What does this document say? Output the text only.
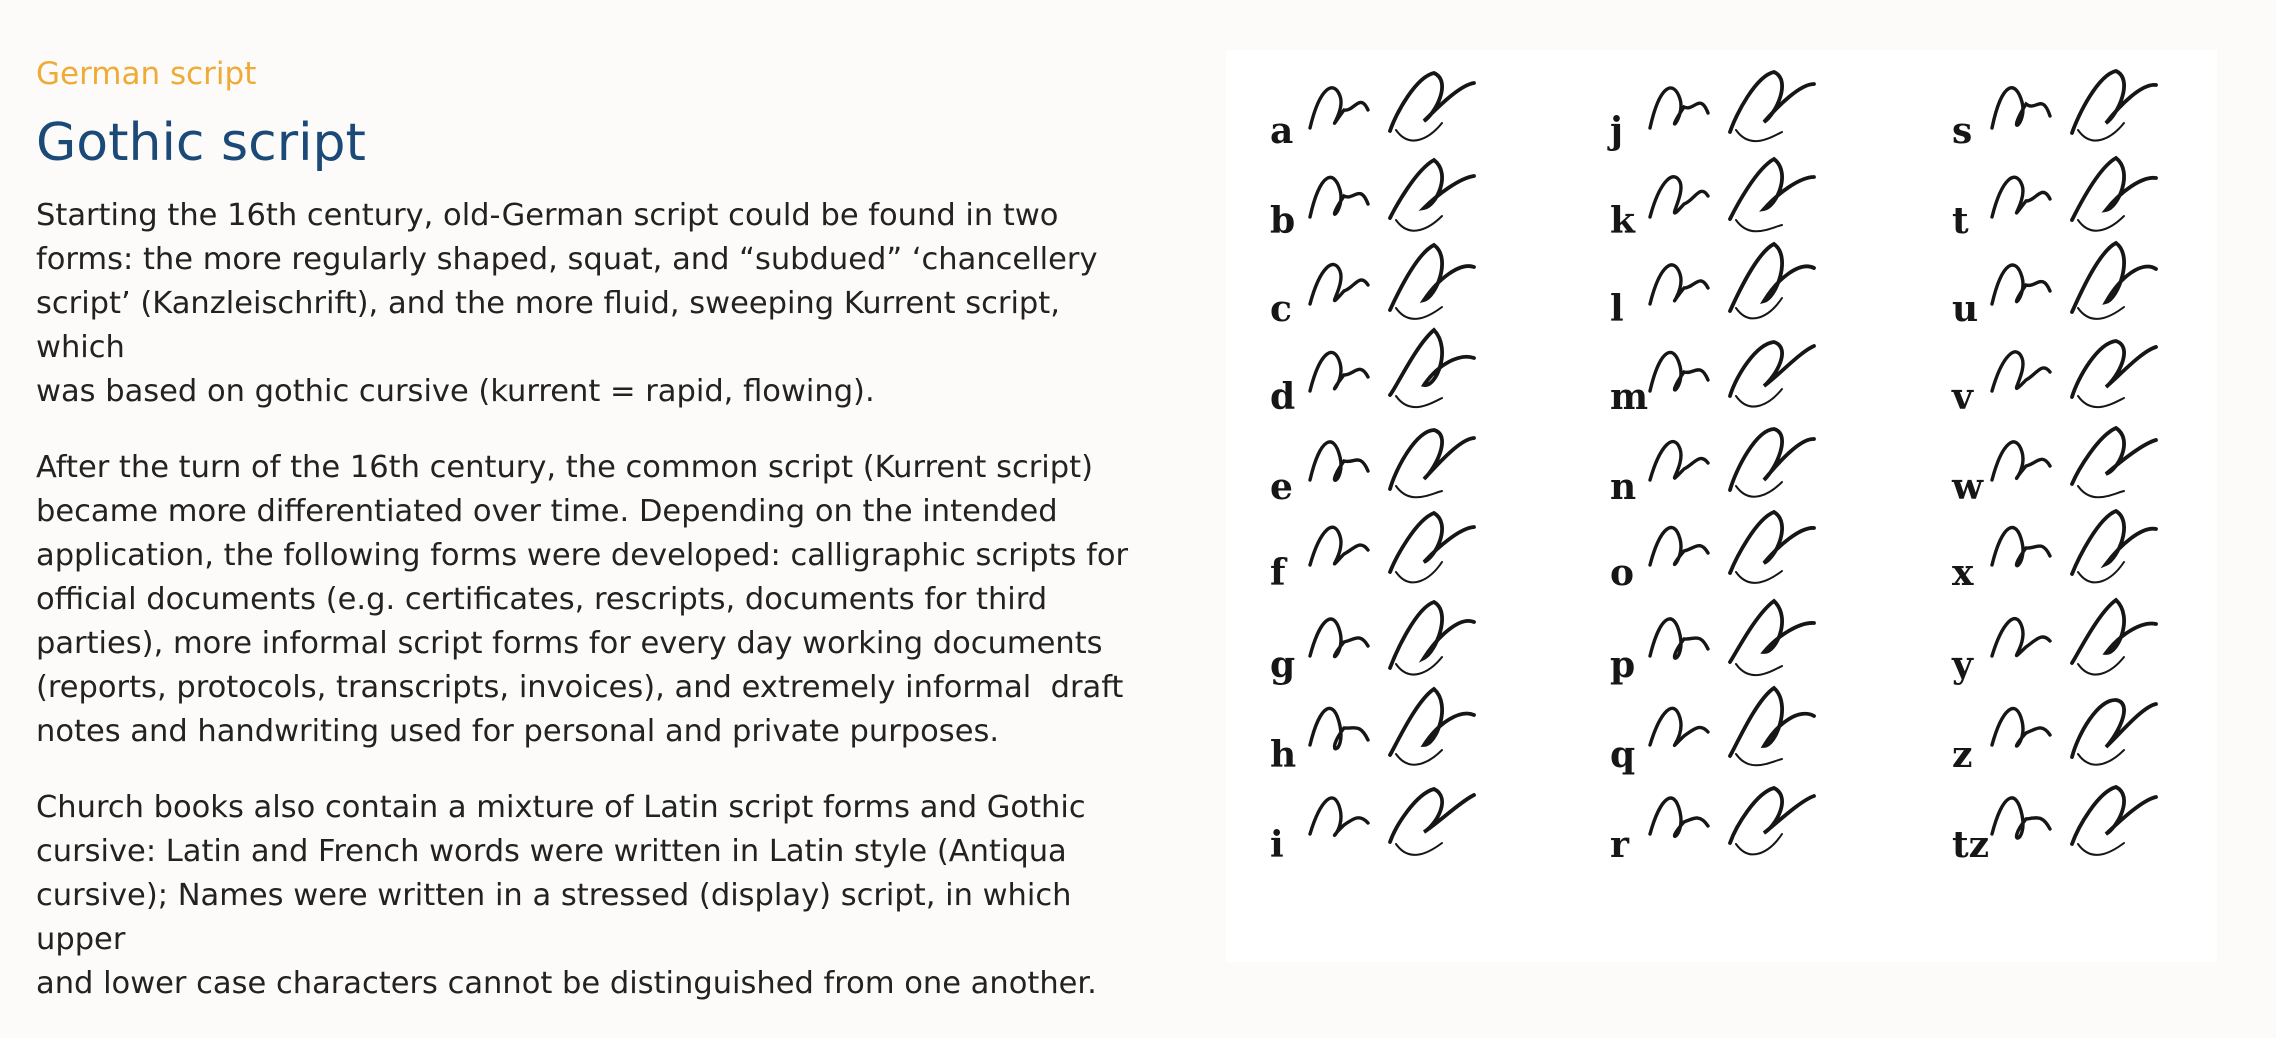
German script

Gothic script

Starting the 16th century, old-German script could be found in two
forms: the more regularly shaped, squat, and “subdued” ‘chancellery
script’ (Kanzleischrift), and the more fluid, sweeping Kurrent script, which
was based on gothic cursive (kurrent = rapid, flowing).

After the turn of the 16th century, the common script (Kurrent script)
became more differentiated over time. Depending on the intended
application, the following forms were developed: calligraphic scripts for
official documents (e.g. certificates, rescripts, documents for third
parties), more informal script forms for every day working documents
(reports, protocols, transcripts, invoices), and extremely informal  draft
notes and handwriting used for personal and private purposes.

Church books also contain a mixture of Latin script forms and Gothic
cursive: Latin and French words were written in Latin style (Antiqua
cursive); Names were written in a stressed (display) script, in which upper
and lower case characters cannot be distinguished from one another.

a
b
c
d
e
f
g
h
i
j
k
l
m
n
o
p
q
r
s
t
u
v
w
x
y
z
tz
